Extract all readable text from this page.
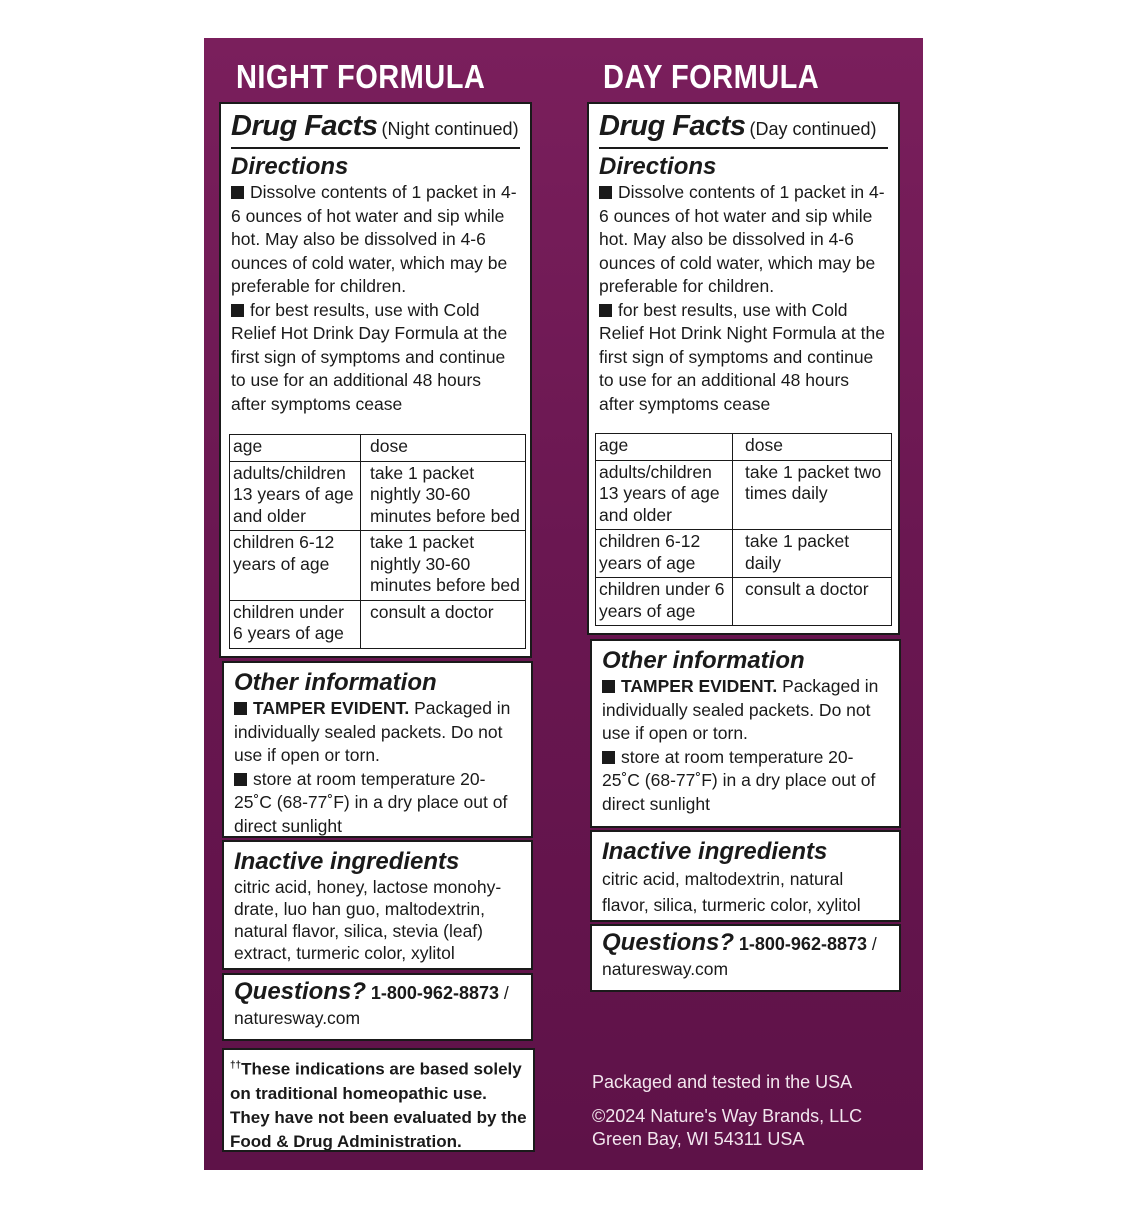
NIGHT FORMULA
Drug Facts (Night continued)
Directions
Dissolve contents of 1 packet in 4-6 ounces of hot water and sip while hot. May also be dissolved in 4-6 ounces of cold water, which may be preferable for children.
for best results, use with Cold Relief Hot Drink Day Formula at the first sign of symptoms and continue to use for an additional 48 hours after symptoms cease
age	dose
adults/children 13 years of age and older	take 1 packet nightly 30-60 minutes before bed
children 6-12 years of age	take 1 packet nightly 30-60 minutes before bed
children under 6 years of age	consult a doctor
Other information
TAMPER EVIDENT. Packaged in individually sealed packets. Do not use if open or torn.
store at room temperature 20-25˚C (68-77˚F) in a dry place out of direct sunlight
Inactive ingredients
citric acid, honey, lactose monohy-drate, luo han guo, maltodextrin, natural flavor, silica, stevia (leaf) extract, turmeric color, xylitol
Questions? 1-800-962-8873 /
naturesway.com
††These indications are based solely on traditional homeopathic use. They have not been evaluated by the Food & Drug Administration.
DAY FORMULA
Drug Facts (Day continued)
Directions
Dissolve contents of 1 packet in 4-6 ounces of hot water and sip while hot. May also be dissolved in 4-6 ounces of cold water, which may be preferable for children.
for best results, use with Cold Relief Hot Drink Night Formula at the first sign of symptoms and continue to use for an additional 48 hours after symptoms cease
age	dose
adults/children 13 years of age and older	take 1 packet two times daily
children 6-12 years of age	take 1 packet daily
children under 6 years of age	consult a doctor
Other information
TAMPER EVIDENT. Packaged in individually sealed packets. Do not use if open or torn.
store at room temperature 20-25˚C (68-77˚F) in a dry place out of direct sunlight
Inactive ingredients
citric acid, maltodextrin, natural flavor, silica, turmeric color, xylitol
Questions? 1-800-962-8873 /
naturesway.com
Packaged and tested in the USA
©2024 Nature's Way Brands, LLC
Green Bay, WI 54311 USA
